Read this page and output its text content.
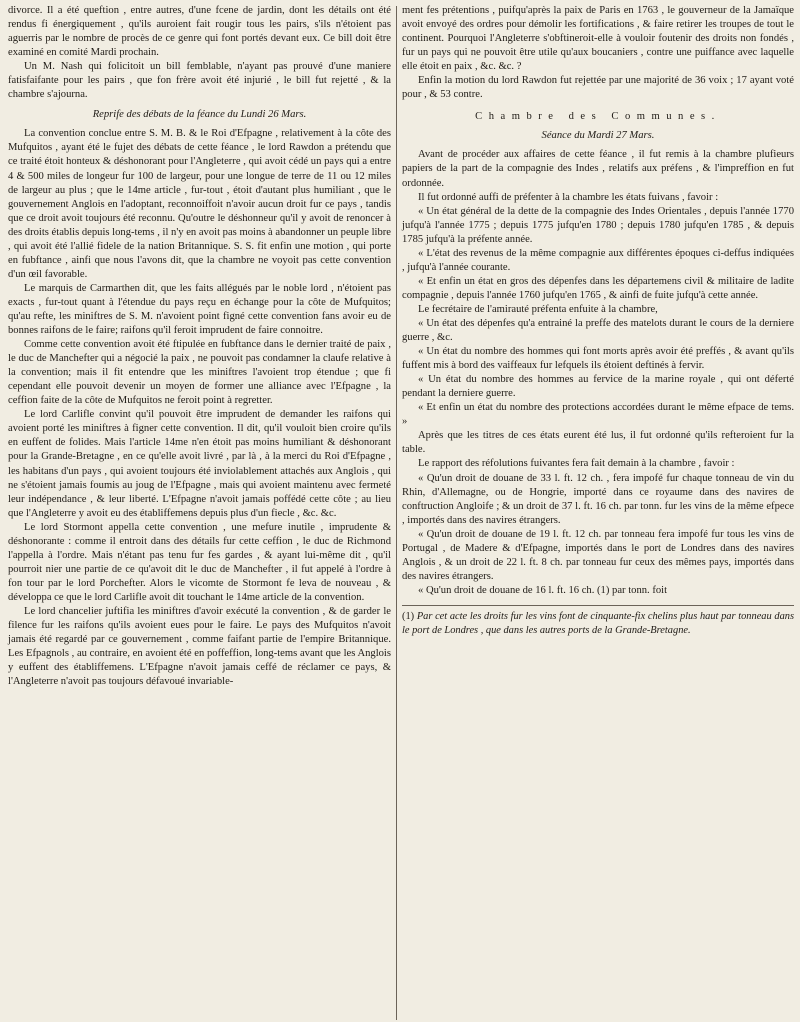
divorce. Il a été queftion , entre autres, d'une fcene de jardin, dont les détails ont été rendus fi énergiquement , qu'ils auroient fait rougir tous les pairs, s'ils n'étoient pas aguerris par le nombre de procès de ce genre qui font portés devant eux. Ce bill doit être examiné en comité Mardi prochain.

Un M. Nash qui folicitoit un bill femblable, n'ayant pas prouvé d'une maniere fatisfaifante pour les pairs , que fon frère avoit été injurié , le bill fut rejetté , & la chambre s'ajourna.

Reprife des débats de la féance du Lundi 26 Mars.

La convention conclue entre S. M. B. & le Roi d'Efpagne , relativement à la côte des Mufquitos , ayant été le fujet des débats de cette féance , le lord Rawdon a prétendu que ce traité étoit honteux & déshonorant pour l'Angleterre , qui avoit cédé un pays qui a entre 4 & 500 miles de longeur fur 100 de largeur, pour une longue de terre de 11 ou 12 miles de largeur au plus ; que le 14me article , fur-tout , étoit d'autant plus humiliant , que le gouvernement Anglois en l'adoptant, reconnoiffoit n'avoir aucun droit fur ce pays , tandis que ce droit avoit toujours été reconnu. Qu'outre le déshonneur qu'il y avoit de renoncer à des droits établis depuis long-tems , il n'y en avoit pas moins à abandonner un peuple libre , qui avoit été l'allié fidele de la nation Britannique. S. S. fit enfin une motion , qui porte en fubftance , ainfi que nous l'avons dit, que la chambre ne voyoit pas cette convention d'un œil favorable.

Le marquis de Carmarthen dit, que les faits allégués par le noble lord , n'étoient pas exacts , fur-tout quant à l'étendue du pays reçu en échange pour la côte de Mufquitos; qu'au refte, les miniftres de S. M. n'avoient point figné cette convention fans avoir eu de bonnes raifons de le faire; raifons qu'il feroit imprudent de faire connoitre.

Comme cette convention avoit été ftipulée en fubftance dans le dernier traité de paix , le duc de Manchefter qui a négocié la paix , ne pouvoit pas condamner la claufe relative à la convention; mais il fit entendre que les miniftres l'avoient trop étendue ; que fi cependant elle pouvoit devenir un moyen de former une alliance avec l'Efpagne , la ceffion faite de la côte de Mufquitos ne feroit point à regretter.

Le lord Carlifle convint qu'il pouvoit être imprudent de demander les raifons qui avoient porté les miniftres à figner cette convention. Il dit, qu'il vouloit bien croire qu'ils en euffent de folides. Mais l'article 14me n'en étoit pas moins humiliant & déshonorant pour la Grande-Bretagne , en ce qu'elle avoit livré , par là , à la merci du Roi d'Efpagne , les habitans d'un pays , qui avoient toujours été inviolablement attachés aux Anglois , qui ne s'étoient jamais foumis au joug de l'Efpagne , mais qui avoient maintenu avec fermeté leur indépendance , & leur liberté. L'Efpagne n'avoit jamais poffédé cette côte ; au lieu que l'Angleterre y avoit eu des établiffemens depuis plus d'un fiecle , &c. &c.

Le lord Stormont appella cette convention , une mefure inutile , imprudente & déshonorante : comme il entroit dans des détails fur cette ceffion , le duc de Richmond l'appella à l'ordre. Mais n'étant pas tenu fur fes gardes , & ayant lui-même dit , qu'il pourroit nier une partie de ce qu'avoit dit le duc de Manchefter , il fut appelé à l'ordre à fon tour par le lord Porchefter. Alors le vicomte de Stormont fe leva de nouveau , & développa ce que le lord Carlifle avoit dit touchant le 14me article de la convention.

Le lord chancelier juftifia les miniftres d'avoir exécuté la convention , & de garder le filence fur les raifons qu'ils avoient eues pour le faire. Le pays des Mufquitos n'avoit jamais été regardé par ce gouvernement , comme faifant partie de l'empire Britannique. Les Efpagnols , au contraire, en avoient été en poffeffion, long-tems avant que les Anglois y euffent des établiffemens. L'Efpagne n'avoit jamais ceffé de réclamer ce pays, & l'Angleterre n'avoit pas toujours défavoué invariable-

ment fes prétentions , puifqu'après la paix de Paris en 1763 , le gouverneur de la Jamaïque avoit envoyé des ordres pour démolir les fortifications , & faire retirer les troupes de tout le continent. Pourquoi l'Angleterre s'obftineroit-elle à vouloir foutenir des droits non fondés , fur un pays qui ne pouvoit être utile qu'aux boucaniers , contre une puiffance avec laquelle elle étoit en paix , &c. &c. ?

Enfin la motion du lord Rawdon fut rejettée par une majorité de 36 voix ; 17 ayant voté pour , & 53 contre.

Chambre des Communes.

Séance du Mardi 27 Mars.

Avant de procéder aux affaires de cette féance , il fut remis à la chambre plufieurs papiers de la part de la compagnie des Indes , relatifs aux préfens , & l'impreffion en fut ordonnée.

Il fut ordonné auffi de préfenter à la chambre les états fuivans , favoir :

« Un état général de la dette de la compagnie des Indes Orientales , depuis l'année 1770 jufqu'à l'année 1775 ; depuis 1775 jufqu'en 1780 ; depuis 1780 jufqu'en 1785 , & depuis 1785 jufqu'à la préfente année.

« L'état des revenus de la même compagnie aux différentes époques ci-deffus indiquées , jufqu'à l'année courante.

« Et enfin un état en gros des dépenfes dans les départemens civil & militaire de ladite compagnie , depuis l'année 1760 jufqu'en 1765 , & ainfi de fuite jufqu'à cette année.

Le fecrétaire de l'amirauté préfenta enfuite à la chambre,

« Un état des dépenfes qu'a entrainé la preffe des matelots durant le cours de la derniere guerre , &c.

« Un état du nombre des hommes qui font morts après avoir été preffés , & avant qu'ils fuffent mis à bord des vaiffeaux fur lefquels ils étoient deftinés à fervir.

« Un état du nombre des hommes au fervice de la marine royale , qui ont déferté pendant la derniere guerre.

« Et enfin un état du nombre des protections accordées durant le même efpace de tems. »

Après que les titres de ces états eurent été lus, il fut ordonné qu'ils refteroient fur la table.

Le rapport des réfolutions fuivantes fera fait demain à la chambre , favoir :

« Qu'un droit de douane de 33 l. ft. 12 ch. , fera impofé fur chaque tonneau de vin du Rhin, d'Allemagne, ou de Hongrie, importé dans ce royaume dans des navires de conftruction Angloife ; & un droit de 37 l. ft. 16 ch. par tonn. fur les vins de la même efpece , importés dans des navires étrangers.

« Qu'un droit de douane de 19 l. ft. 12 ch. par tonneau fera impofé fur tous les vins de Portugal , de Madere & d'Efpagne, importés dans le port de Londres dans des navires Anglois , & un droit de 22 l. ft. 8 ch. par tonneau fur ceux des mêmes pays, importés dans des navires étrangers.

« Qu'un droit de douane de 16 l. ft. 16 ch. (1) par tonn. foit

(1) Par cet acte les droits fur les vins font de cinquante-fix chelins plus haut par tonneau dans le port de Londres , que dans les autres ports de la Grande-Bretagne.
